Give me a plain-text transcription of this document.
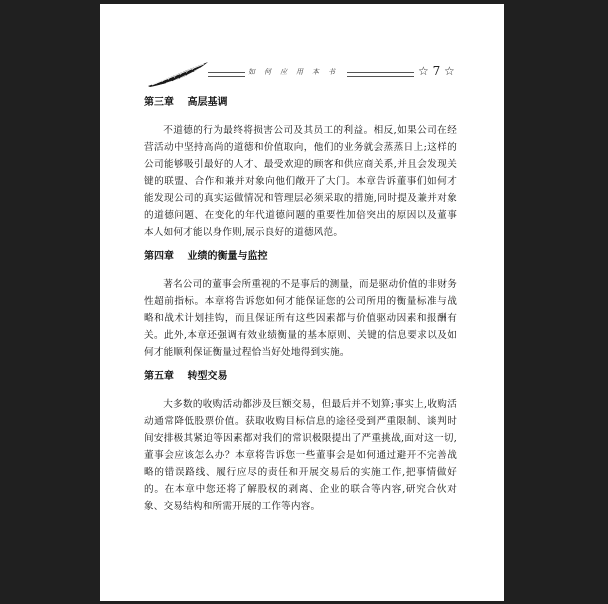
如何应用本书	☆ 7 ☆
第三章　 高层基调

不道德的行为最终将损害公司及其员工的利益。相反,如果公司在经营活动中坚持高尚的道德和价值取向，他们的业务就会蒸蒸日上;这样的公司能够吸引最好的人才、最受欢迎的顾客和供应商关系,并且会发现关键的联盟、合作和兼并对象向他们敞开了大门。本章告诉董事们如何才能发现公司的真实运做情况和管理层必须采取的措施,同时提及兼并对象的道德问题、在变化的年代道德问题的重要性加倍突出的原因以及董事本人如何才能以身作则,展示良好的道德风范。

第四章　 业绩的衡量与监控

著名公司的董事会所重视的不是事后的测量，而是驱动价值的非财务性超前指标。本章将告诉您如何才能保证您的公司所用的衡量标准与战略和战术计划挂钩，而且保证所有这些因素都与价值驱动因素和报酬有关。此外,本章还强调有效业绩衡量的基本原则、关键的信息要求以及如何才能顺利保证衡量过程恰当好处地得到实施。

第五章　 转型交易

大多数的收购活动都涉及巨额交易，但最后并不划算;事实上,收购活动通常降低股票价值。获取收购目标信息的途径受到严重限制、谈判时间安排极其紧迫等因素都对我们的常识极限提出了严重挑战,面对这一切,董事会应该怎么办？本章将告诉您一些董事会是如何通过避开不完善战略的错误路线、履行应尽的责任和开展交易后的实施工作,把事情做好的。在本章中您还将了解股权的剥离、企业的联合等内容,研究合伙对象、交易结构和所需开展的工作等内容。
